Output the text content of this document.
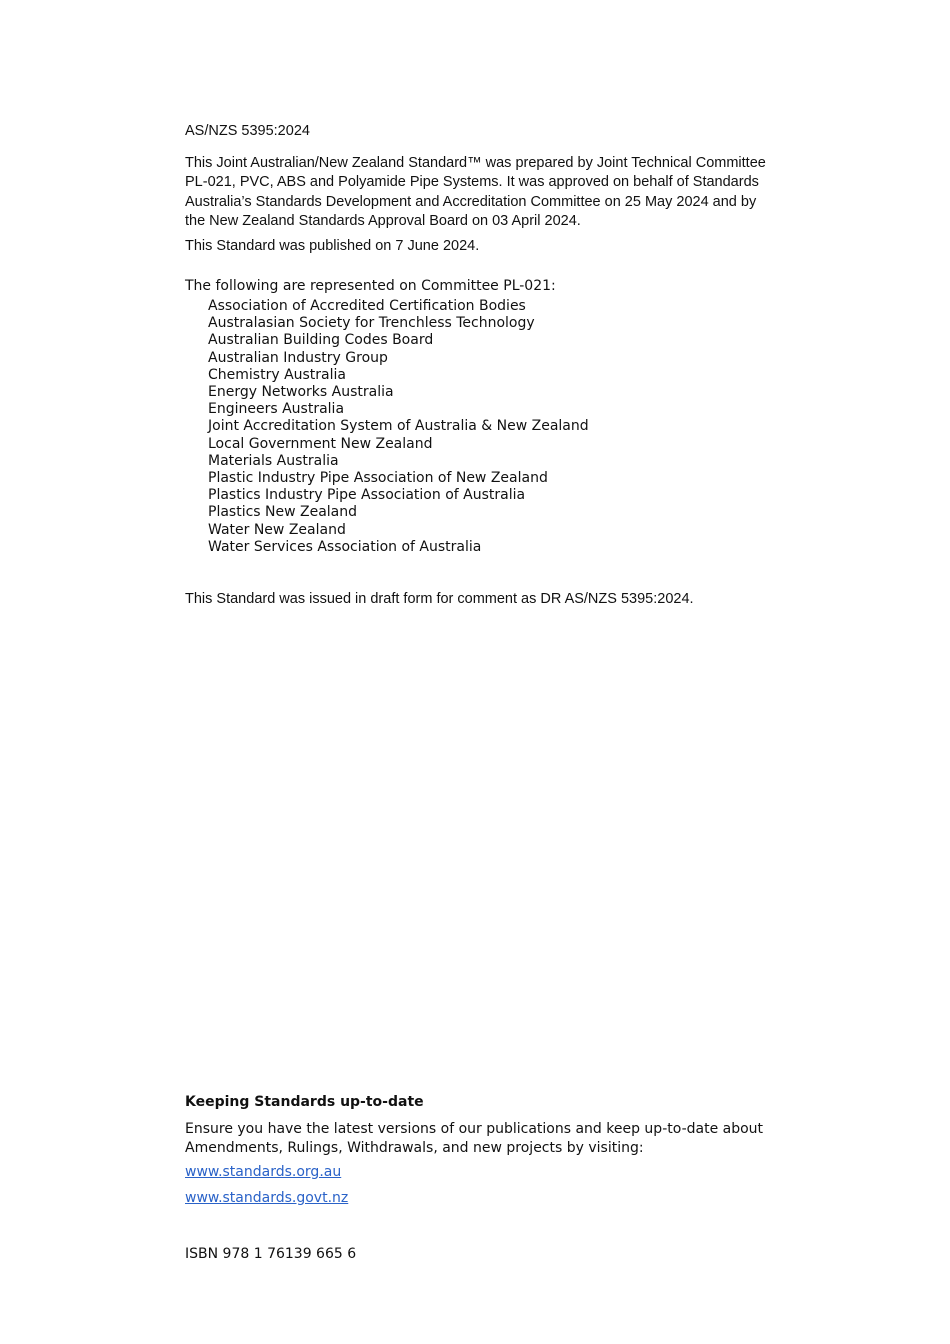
AS/NZS 5395:2024
This Joint Australian/New Zealand Standard™ was prepared by Joint Technical Committee PL-021, PVC, ABS and Polyamide Pipe Systems. It was approved on behalf of Standards Australia’s Standards Development and Accreditation Committee on 25 May 2024 and by the New Zealand Standards Approval Board on 03 April 2024.
This Standard was published on 7 June 2024.
The following are represented on Committee PL-021:
Association of Accredited Certification Bodies
Australasian Society for Trenchless Technology
Australian Building Codes Board
Australian Industry Group
Chemistry Australia
Energy Networks Australia
Engineers Australia
Joint Accreditation System of Australia & New Zealand
Local Government New Zealand
Materials Australia
Plastic Industry Pipe Association of New Zealand
Plastics Industry Pipe Association of Australia
Plastics New Zealand
Water New Zealand
Water Services Association of Australia
This Standard was issued in draft form for comment as DR AS/NZS 5395:2024.
Keeping Standards up-to-date
Ensure you have the latest versions of our publications and keep up-to-date about Amendments, Rulings, Withdrawals, and new projects by visiting:
www.standards.org.au
www.standards.govt.nz
ISBN 978 1 76139 665 6
